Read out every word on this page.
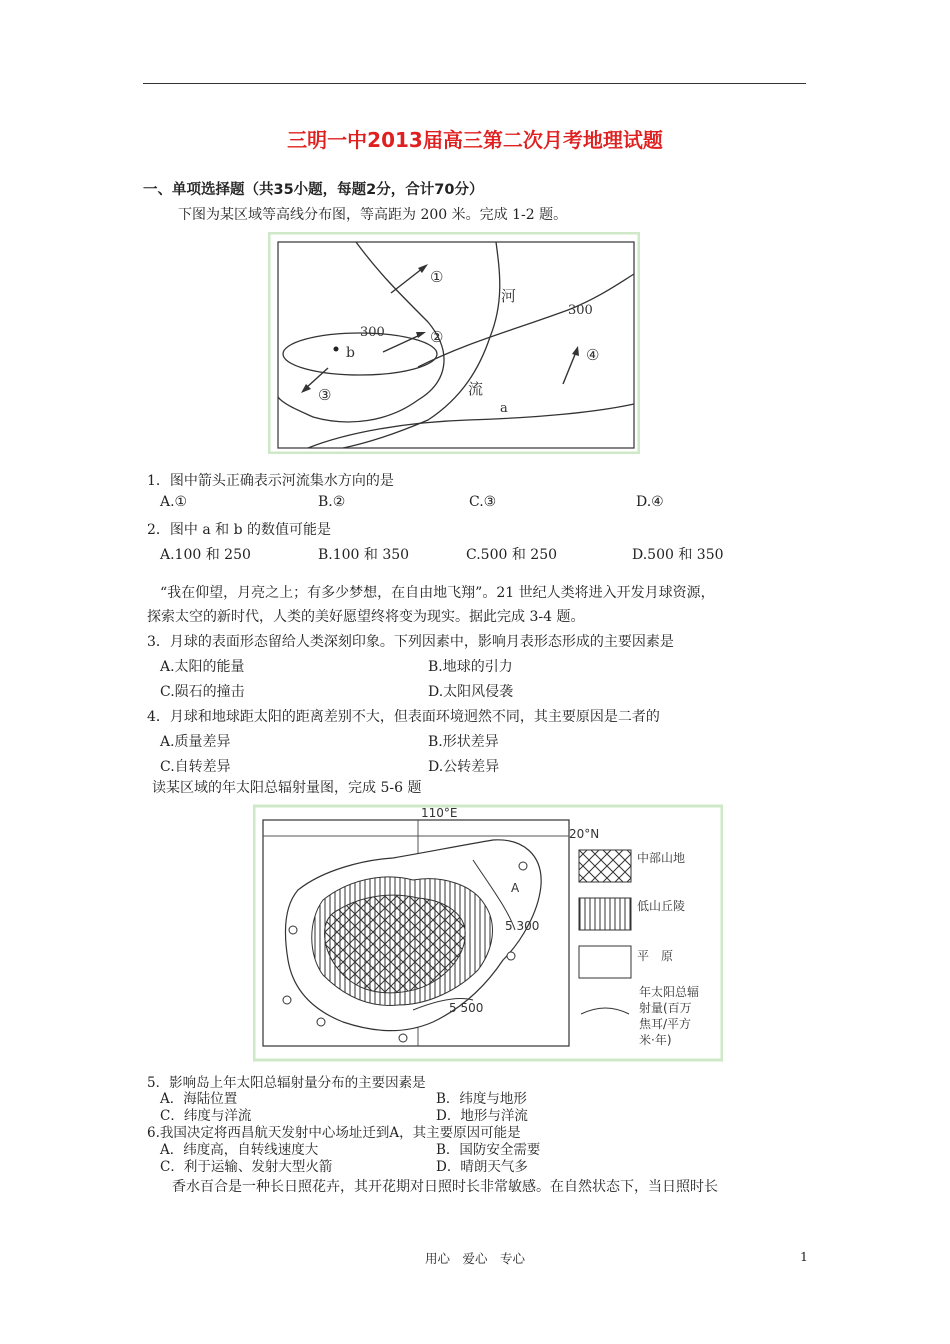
三明一中2013届高三第二次月考地理试题
一、单项选择题（共35小题，每题2分，合计70分）
下图为某区域等高线分布图，等高距为 200 米。完成 1-2 题。
①
②
③
④
河
流
300
300
b
a
1．图中箭头正确表示河流集水方向的是
A.①	B.②	C.③	D.④
2．图中 a 和 b 的数值可能是
A.100 和 250	B.100 和 350	C.500 和 250	D.500 和 350
“我在仰望，月亮之上；有多少梦想，在自由地飞翔”。21 世纪人类将进入开发月球资源，
探索太空的新时代，人类的美好愿望终将变为现实。据此完成 3-4 题。
3．月球的表面形态留给人类深刻印象。下列因素中，影响月表形态形成的主要因素是
A.太阳的能量	B.地球的引力
C.陨石的撞击	D.太阳风侵袭
4．月球和地球距太阳的距离差别不大，但表面环境迥然不同，其主要原因是二者的
A.质量差异	B.形状差异
C.自转差异	D.公转差异
读某区域的年太阳总辐射量图，完成 5-6 题
110°E
20°N
A
5 300
5 500
中部山地
低山丘陵
平　原
年太阳总辐
射量(百万
焦耳/平方
米·年)
5．影响岛上年太阳总辐射量分布的主要因素是
A．海陆位置	B．纬度与地形
C．纬度与洋流	D．地形与洋流
6.我国决定将西昌航天发射中心场址迁到A，其主要原因可能是
A．纬度高，自转线速度大	B．国防安全需要
C．利于运输、发射大型火箭	D．晴朗天气多
香水百合是一种长日照花卉，其开花期对日照时长非常敏感。在自然状态下，当日照时长
用心　爱心　专心	1
